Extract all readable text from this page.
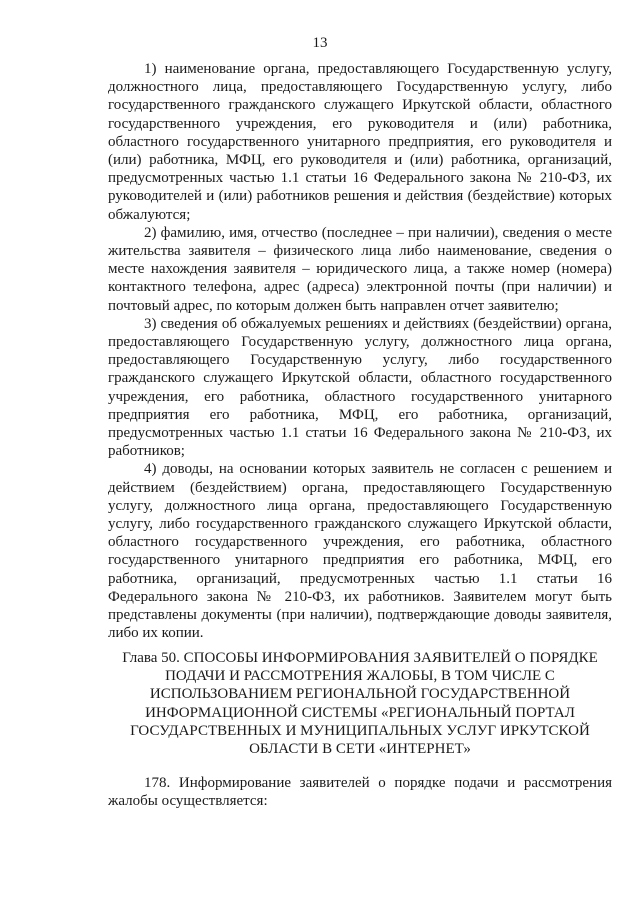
13

1) наименование органа, предоставляющего Государственную услугу, должностного лица, предоставляющего Государственную услугу, либо государственного гражданского служащего Иркутской области, областного государственного учреждения, его руководителя и (или) работника, областного государственного унитарного предприятия, его руководителя и (или) работника, МФЦ, его руководителя и (или) работника, организаций, предусмотренных частью 1.1 статьи 16 Федерального закона № 210-ФЗ, их руководителей и (или) работников решения и действия (бездействие) которых обжалуются;

2) фамилию, имя, отчество (последнее – при наличии), сведения о месте жительства заявителя – физического лица либо наименование, сведения о месте нахождения заявителя – юридического лица, а также номер (номера) контактного телефона, адрес (адреса) электронной почты (при наличии) и почтовый адрес, по которым должен быть направлен отчет заявителю;

3) сведения об обжалуемых решениях и действиях (бездействии) органа, предоставляющего Государственную услугу, должностного лица органа, предоставляющего Государственную услугу, либо государственного гражданского служащего Иркутской области, областного государственного учреждения, его работника, областного государственного унитарного предприятия его работника, МФЦ, его работника, организаций, предусмотренных частью 1.1 статьи 16 Федерального закона № 210-ФЗ, их работников;

4) доводы, на основании которых заявитель не согласен с решением и действием (бездействием) органа, предоставляющего Государственную услугу, должностного лица органа, предоставляющего Государственную услугу, либо государственного гражданского служащего Иркутской области, областного государственного учреждения, его работника, областного государственного унитарного предприятия его работника, МФЦ, его работника, организаций, предусмотренных частью 1.1 статьи 16 Федерального закона № 210-ФЗ, их работников. Заявителем могут быть представлены документы (при наличии), подтверждающие доводы заявителя, либо их копии.

Глава 50. СПОСОБЫ ИНФОРМИРОВАНИЯ ЗАЯВИТЕЛЕЙ О ПОРЯДКЕ ПОДАЧИ И РАССМОТРЕНИЯ ЖАЛОБЫ, В ТОМ ЧИСЛЕ С ИСПОЛЬЗОВАНИЕМ РЕГИОНАЛЬНОЙ ГОСУДАРСТВЕННОЙ ИНФОРМАЦИОННОЙ СИСТЕМЫ «РЕГИОНАЛЬНЫЙ ПОРТАЛ ГОСУДАРСТВЕННЫХ И МУНИЦИПАЛЬНЫХ УСЛУГ ИРКУТСКОЙ ОБЛАСТИ В СЕТИ «ИНТЕРНЕТ»

178. Информирование заявителей о порядке подачи и рассмотрения жалобы осуществляется:
